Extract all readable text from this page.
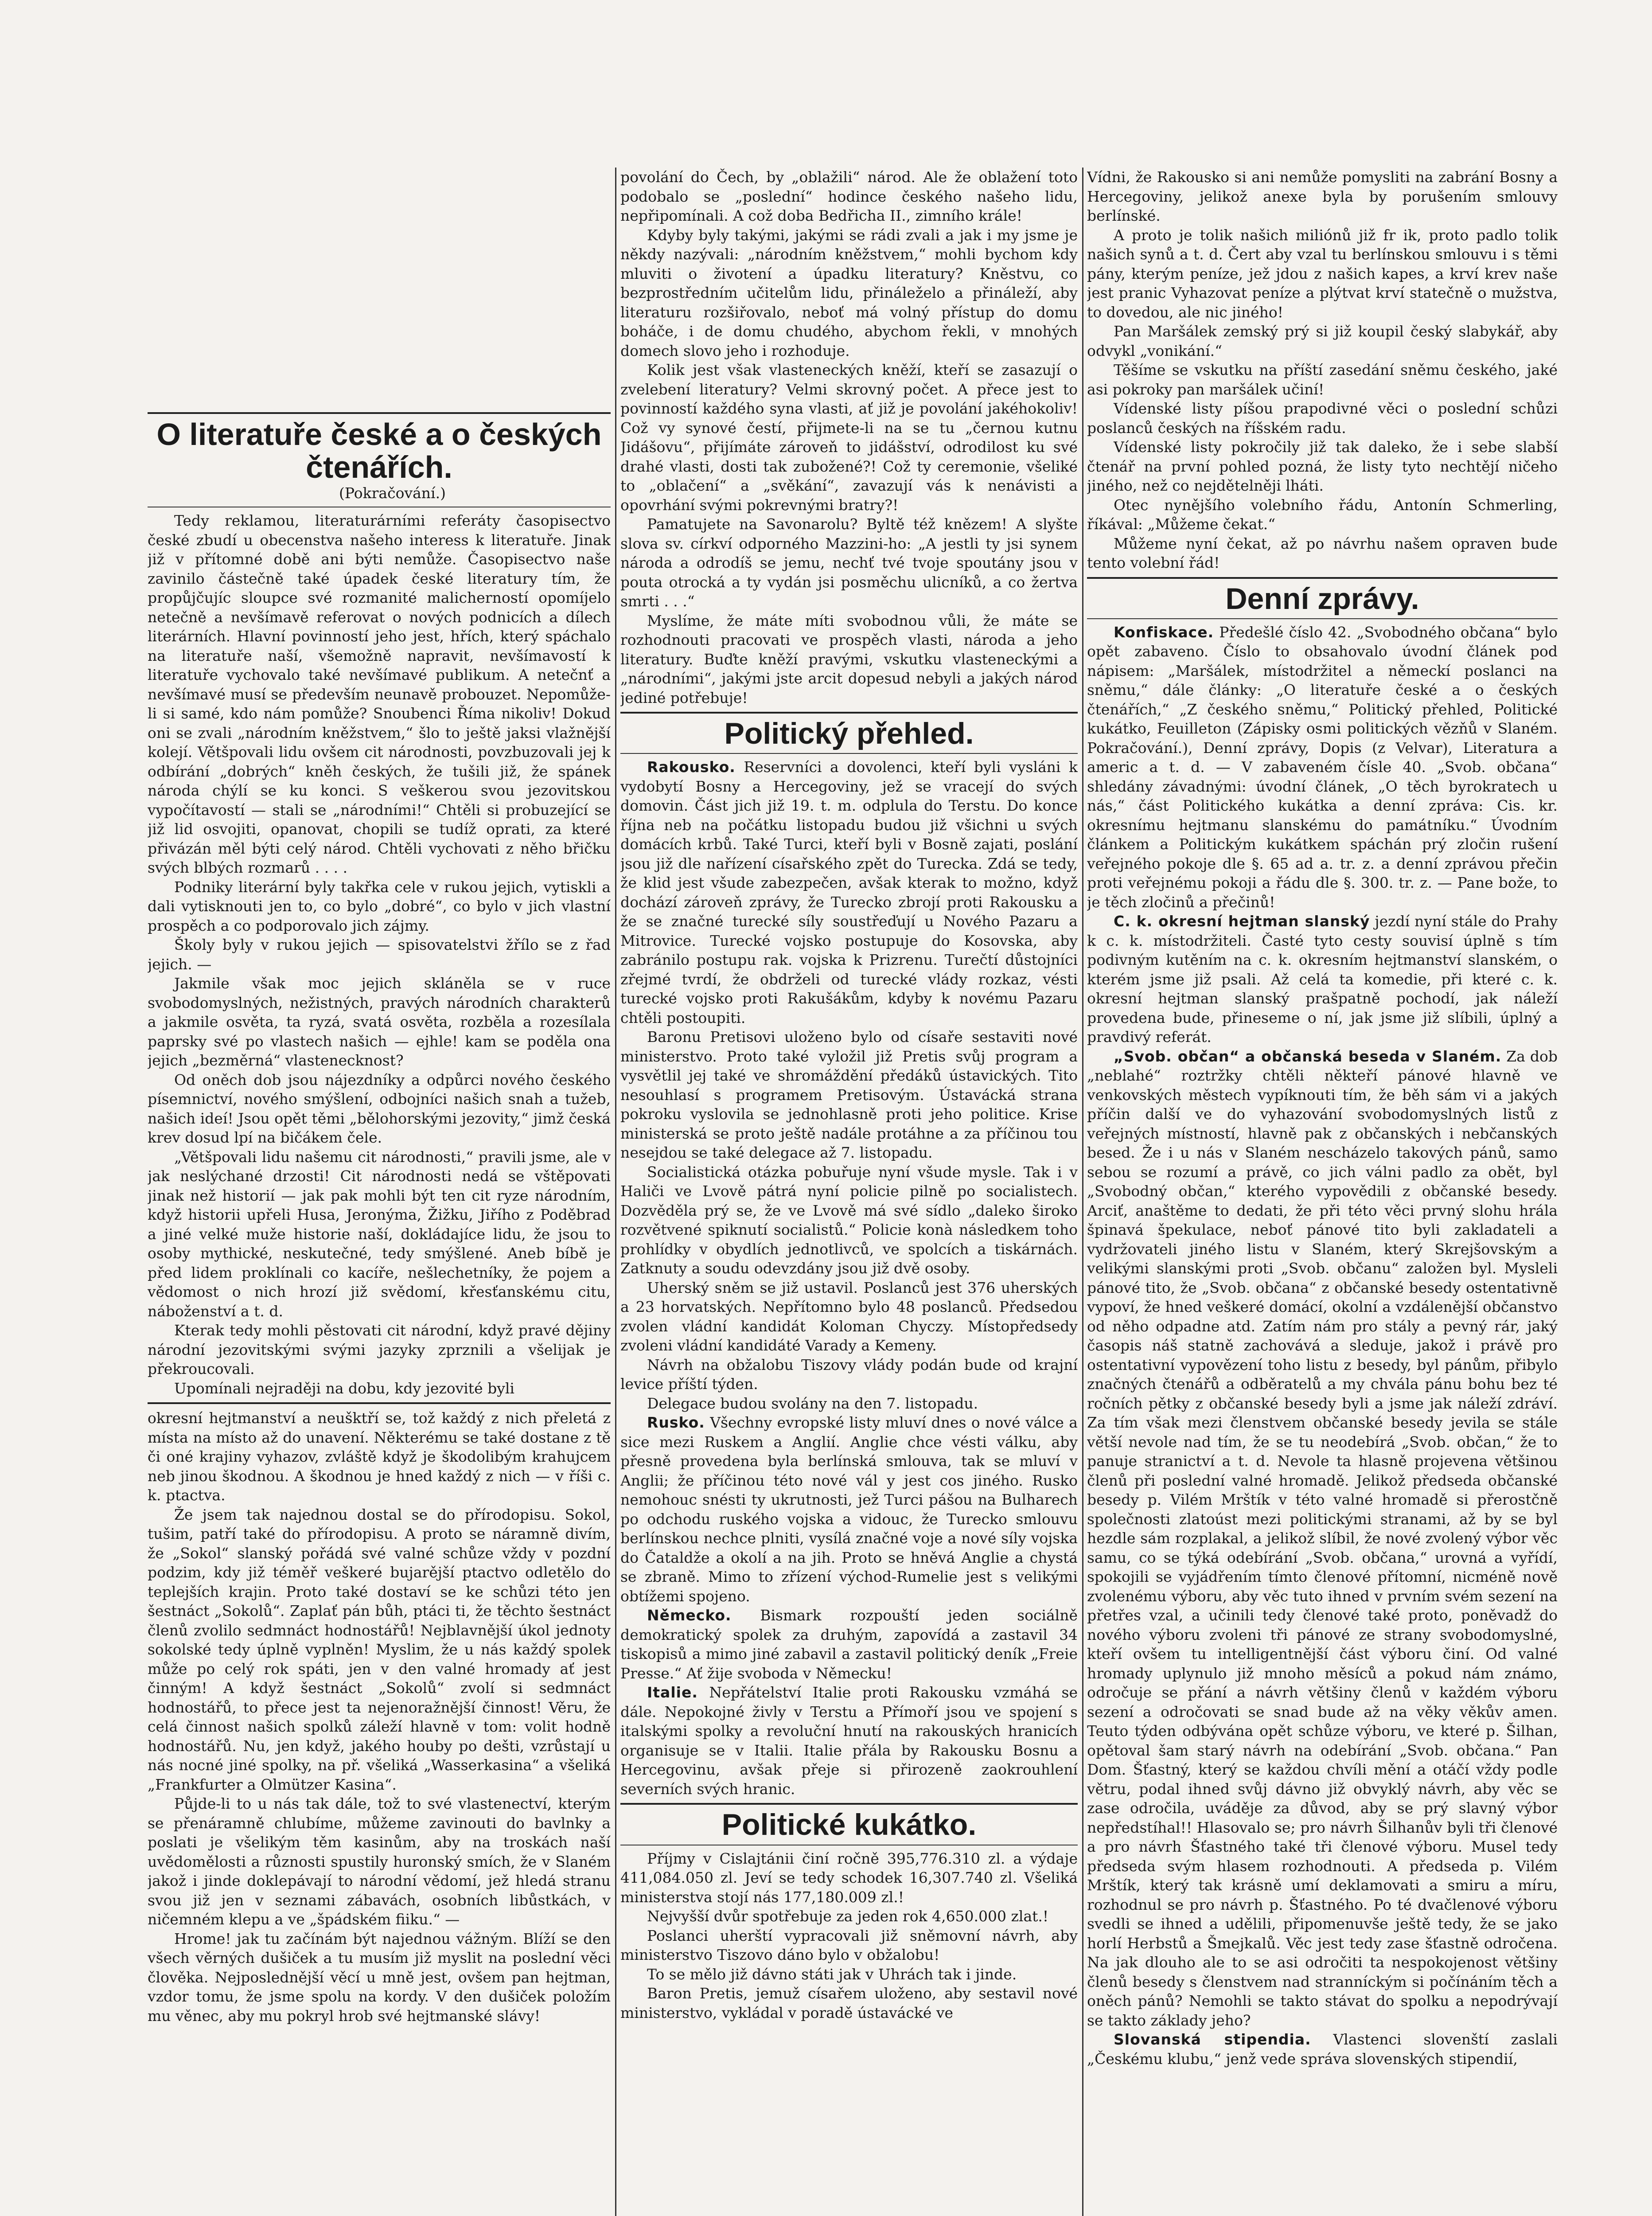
O literatuře české a o českých čtenářích.

(Pokračování.)

Tedy reklamou, literaturárními referáty časopisectvo české zbudí u obecenstva našeho interess k literatuře. Jinak již v přítomné době ani býti nemůže. Časopisectvo naše zavinilo částečně také úpadek české literatury tím, že propůjčujíc sloupce své rozmanité malicherností opomíjelo netečně a nevšímavě referovat o nových podnicích a dílech literárních. Hlavní povinností jeho jest, hřích, který spáchalo na literatuře naší, všemožně napravit, nevšímavostí k literatuře vychovalo také nevšímavé publikum. A netečnť a nevšímavé musí se především neunavě probouzet. Nepomůže-li si samé, kdo nám pomůže? Snoubenci Říma nikoliv! Dokud oni se zvali „národním kněžstvem,“ šlo to ještě jaksi vlažnější kolejí. Většpovali lidu ovšem cit národnosti, povzbuzovali jej k odbírání „dobrých“ kněh českých, že tušili již, že spánek národa chýlí se ku konci. S veškerou svou jezovitskou vypočítavostí — stali se „národními!“ Chtěli si probuzející se již lid osvojiti, opanovat, chopili se tudíž oprati, za které přivázán měl býti celý národ. Chtěli vychovati z něho břičku svých blbých rozmarů . . . .

Podniky literární byly takřka cele v rukou jejich, vytiskli a dali vytisknouti jen to, co bylo „dobré“, co bylo v jich vlastní prospěch a co podporovalo jich zájmy.

Školy byly v rukou jejich — spisovatelstvi žřílo se z řad jejich. —

Jakmile však moc jejich skláněla se v ruce svobodomyslných, nežistných, pravých národních charakterů a jakmile osvěta, ta ryzá, svatá osvěta, rozběla a rozesílala paprsky své po vlastech našich — ejhle! kam se poděla ona jejich „bezměrná“ vlastenecknost?

Od oněch dob jsou nájezdníky a odpůrci nového českého písemnictví, nového smýšlení, odbojníci našich snah a tužeb, našich ideí! Jsou opět těmi „bělohorskými jezovity,“ jimž česká krev dosud lpí na bičákem čele.

„Většpovali lidu našemu cit národnosti,“ pravili jsme, ale v jak neslýchané drzosti! Cit národnosti nedá se vštěpovati jinak než historií — jak pak mohli být ten cit ryze národním, když historii upřeli Husa, Jeronýma, Žižku, Jiřího z Poděbrad a jiné velké muže historie naší, dokládajíce lidu, že jsou to osoby mythické, neskutečné, tedy smýšlené. Aneb bíbě je před lidem proklínali co kacíře, nešlechetníky, že pojem a vědomost o nich hrozí již svědomí, křesťanskému citu, náboženství a t. d.

Kterak tedy mohli pěstovati cit národní, když pravé dějiny národní jezovitskými svými jazyky zprznili a všelijak je překroucovali.

Upomínali nejraději na dobu, kdy jezovité byli

okresní hejtmanství a neušktří se, tož každý z nich přeletá z místa na místo až do unavení. Některému se také dostane z tě či oné krajiny vyhazov, zvláště když je škodolibým krahujcem neb jinou škodnou. A škodnou je hned každý z nich — v říši c. k. ptactva.

Že jsem tak najednou dostal se do přírodopisu. Sokol, tušim, patří také do přírodopisu. A proto se náramně divím, že „Sokol“ slanský pořádá své valné schůze vždy v pozdní podzim, kdy již téměř veškeré bujarější ptactvo odletělo do teplejších krajin. Proto také dostaví se ke schůzi této jen šestnáct „Sokolů“. Zaplať pán bůh, ptáci ti, že těchto šestnáct členů zvolilo sedmnáct hodnostářů! Nejblavnější úkol jednoty sokolské tedy úplně vyplněn! Myslim, že u nás každý spolek může po celý rok spáti, jen v den valné hromady ať jest činným! A když šestnáct „Sokolů“ zvolí si sedmnáct hodnostářů, to přece jest ta nejenoražnější činnost! Věru, že celá činnost našich spolků záleží hlavně v tom: volit hodně hodnostářů. Nu, jen když, jakého houby po dešti, vzrůstají u nás nocné jiné spolky, na př. všeliká „Wasserkasina“ a všeliká „Frankfurter a Olmützer Kasina“.

Půjde-li to u nás tak dále, tož to své vlastenectví, kterým se přenáramně chlubíme, můžeme zavinouti do bavlnky a poslati je všelikým těm kasinům, aby na troskách naší uvědomělosti a různosti spustily huronský smích, že v Slaném jakož i jinde doklepávají to národní vědomí, jež hledá stranu svou již jen v seznami zábavách, osobních libůstkách, v ničemném klepu a ve „špádském fiiku.“ —

Hrome! jak tu začínám být najednou vážným. Blíží se den všech věrných dušiček a tu musím již myslit na poslední věci člověka. Nejposlednější věcí u mně jest, ovšem pan hejtman, vzdor tomu, že jsme spolu na kordy. V den dušiček položím mu věnec, aby mu pokryl hrob své hejtmanské slávy!

povolání do Čech, by „oblažili“ národ. Ale že oblažení toto podobalo se „poslední“ hodince českého našeho lidu, nepřipomínali. A což doba Bedřicha II., zimního krále!

Kdyby byly takými, jakými se rádi zvali a jak i my jsme je někdy nazývali: „národním kněžstvem,“ mohli bychom kdy mluviti o životení a úpadku literatury? Kněstvu, co bezprostředním učitelům lidu, přináleželo a přináleží, aby literaturu rozšiřovalo, neboť má volný přístup do domu boháče, i de domu chudého, abychom řekli, v mnohých domech slovo jeho i rozhoduje.

Kolik jest však vlasteneckých kněží, kteří se zasazují o zvelebení literatury? Velmi skrovný počet. A přece jest to povinností každého syna vlasti, ať již je povolání jakéhokoliv! Což vy synové čestí, přijmete-li na se tu „černou kutnu Jidášovu“, přijímáte zároveň to jidášství, odrodilost ku své drahé vlasti, dosti tak zubožené?! Což ty ceremonie, všeliké to „oblačení“ a „svěkání“, zavazují vás k nenávisti a opovrhání svými pokrevnými bratry?!

Pamatujete na Savonarolu? Byltě též knězem! A slyšte slova sv. církví odporného Mazzini-ho: „A jestli ty jsi synem národa a odrodíš se jemu, nechť tvé tvoje spoutány jsou v pouta otrocká a ty vydán jsi posměchu ulicníků, a co žertva smrti . . .“

Myslíme, že máte míti svobodnou vůli, že máte se rozhodnouti pracovati ve prospěch vlasti, národa a jeho literatury. Buďte kněží pravými, vskutku vlasteneckými a „národními“, jakými jste arcit dopesud nebyli a jakých národ jediné potřebuje!

Politický přehled.

Rakousko. Reservníci a dovolenci, kteří byli vysláni k vydobytí Bosny a Hercegoviny, jež se vracejí do svých domovin. Část jich již 19. t. m. odplula do Terstu. Do konce října neb na počátku listopadu budou již všichni u svých domácích krbů. Také Turci, kteří byli v Bosně zajati, poslání jsou již dle nařízení císařského zpět do Turecka. Zdá se tedy, že klid jest všude zabezpečen, avšak kterak to možno, když dochází zároveň zprávy, že Turecko zbrojí proti Rakousku a že se značné turecké síly soustřeďují u Nového Pazaru a Mitrovice. Turecké vojsko postupuje do Kosovska, aby zabránilo postupu rak. vojska k Prizrenu. Turečtí důstojníci zřejmé tvrdí, že obdrželi od turecké vlády rozkaz, vésti turecké vojsko proti Rakušákům, kdyby k novému Pazaru chtěli postoupiti.

Baronu Pretisovi uloženo bylo od císaře sestaviti nové ministerstvo. Proto také vyložil již Pretis svůj program a vysvětlil jej také ve shromáždění předáků ústavických. Tito nesouhlasí s programem Pretisovým. Ústavácká strana pokroku vyslovila se jednohlasně proti jeho politice. Krise ministerská se proto ještě nadále protáhne a za příčinou tou nesejdou se také delegace až 7. listopadu.

Socialistická otázka pobuřuje nyní všude mysle. Tak i v Haliči ve Lvově pátrá nyní policie pilně po socialistech. Dozvěděla prý se, že ve Lvově má své sídlo „daleko široko rozvětvené spiknutí socialistů.“ Policie konà následkem toho prohlídky v obydlích jednotlivců, ve spolcích a tiskárnách. Zatknuty a soudu odevzdány jsou již dvě osoby.

Uherský sněm se již ustavil. Poslanců jest 376 uherských a 23 horvatských. Nepřítomno bylo 48 poslanců. Předsedou zvolen vládní kandidát Koloman Chyczy. Místopředsedy zvoleni vládní kandidáté Varady a Kemeny.

Návrh na obžalobu Tiszovy vlády podán bude od krajní levice příští týden.

Delegace budou svolány na den 7. listopadu.

Rusko. Všechny evropské listy mluví dnes o nové válce a sice mezi Ruskem a Anglií. Anglie chce vésti válku, aby přesně provedena byla berlínská smlouva, tak se mluví v Anglii; že příčinou této nové vál y jest cos jiného. Rusko nemohouc snésti ty ukrutnosti, jež Turci pášou na Bulharech po odchodu ruského vojska a vidouc, že Turecko smlouvu berlínskou nechce plniti, vysílá značné voje a nové síly vojska do Čataldže a okolí a na jih. Proto se hněvá Anglie a chystá se zbraně. Mimo to zřízení východ-Rumelie jest s velikými obtížemi spojeno.

Německo. Bismark rozpouští jeden sociálně demokratický spolek za druhým, zapovídá a zastavil 34 tiskopisů a mimo jiné zabavil a zastavil politický deník „Freie Presse.“ Ať žije svoboda v Německu!

Italie. Nepřátelství Italie proti Rakousku vzmáhá se dále. Nepokojné živly v Terstu a Přímoří jsou ve spojení s italskými spolky a revoluční hnutí na rakouských hranicích organisuje se v Italii. Italie přála by Rakousku Bosnu a Hercegovinu, avšak přeje si přirozeně zaokrouhlení severních svých hranic.

Politické kukátko.

Příjmy v Cislajtánii činí ročně 395,776.310 zl. a výdaje 411,084.050 zl. Jeví se tedy schodek 16,307.740 zl. Všeliká ministerstva stojí nás 177,180.009 zl.!

Nejvyšší dvůr spotřebuje za jeden rok 4,650.000 zlat.!

Poslanci uherští vypracovali již sněmovní návrh, aby ministerstvo Tiszovo dáno bylo v obžalobu!

To se mělo již dávno státi jak v Uhrách tak i jinde.

Baron Pretis, jemuž císařem uloženo, aby sestavil nové ministerstvo, vykládal v poradě ústavácké ve

Vídni, že Rakousko si ani nemůže pomysliti na zabrání Bosny a Hercegoviny, jelikož anexe byla by porušením smlouvy berlínské.

A proto je tolik našich miliónů již fr ik, proto padlo tolik našich synů a t. d. Čert aby vzal tu berlínskou smlouvu i s těmi pány, kterým peníze, jež jdou z našich kapes, a krví krev naše jest pranic Vyhazovat peníze a plýtvat krví statečně o mužstva, to dovedou, ale nic jiného!

Pan Maršálek zemský prý si již koupil český slabykář, aby odvykl „vonikání.“

Těšíme se vskutku na příští zasedání sněmu českého, jaké asi pokroky pan maršálek učiní!

Vídenské listy píšou prapodivné věci o poslední schůzi poslanců českých na říšském radu.

Vídenské listy pokročily již tak daleko, že i sebe slabší čtenář na první pohled pozná, že listy tyto nechtějí ničeho jiného, než co nejdětelněji lháti.

Otec nynějšího volebního řádu, Antonín Schmerling, říkával: „Můžeme čekat.“

Můžeme nyní čekat, až po návrhu našem opraven bude tento volební řád!

Denní zprávy.

Konfiskace. Předešlé číslo 42. „Svobodného občana“ bylo opět zabaveno. Číslo to obsahovalo úvodní článek pod nápisem: „Maršálek, místodržitel a německí poslanci na sněmu,“ dále články: „O literatuře české a o českých čtenářích,“ „Z českého sněmu,“ Politický přehled, Politické kukátko, Feuilleton (Zápisky osmi politických vězňů v Slaném. Pokračování.), Denní zprávy, Dopis (z Velvar), Literatura a americ a t. d. — V zabaveném čísle 40. „Svob. občana“ shledány závadnými: úvodní článek, „O těch byrokratech u nás,“ část Politického kukátka a denní zpráva: Cis. kr. okresnímu hejtmanu slanskému do památníku.“ Úvodním článkem a Politickým kukátkem spáchán prý zločin rušení veřejného pokoje dle §. 65 ad a. tr. z. a denní zprávou přečin proti veřejnému pokoji a řádu dle §. 300. tr. z. — Pane bože, to je těch zločinů a přečinů!

C. k. okresní hejtman slanský jezdí nyní stále do Prahy k c. k. místodržiteli. Časté tyto cesty souvisí úplně s tím podivným kutěním na c. k. okresním hejtmanství slanském, o kterém jsme již psali. Až celá ta komedie, při které c. k. okresní hejtman slanský prašpatně pochodí, jak náleží provedena bude, přineseme o ní, jak jsme již slíbili, úplný a pravdivý referát.

„Svob. občan“ a občanská beseda v Slaném. Za dob „neblahé“ roztržky chtěli někteří pánové hlavně ve venkovských městech vypíknouti tím, že běh sám vi a jakých příčin další ve do vyhazování svobodomyslných listů z veřejných místností, hlavně pak z občanských i nebčanských besed. Že i u nás v Slaném nescházelo takových pánů, samo sebou se rozumí a právě, co jich válni padlo za obět, byl „Svobodný občan,“ kterého vypovědili z občanské besedy. Arciť, anaštěme to dedati, že při této věci prvný slohu hrála špinavá špekulace, neboť pánové tito byli zakladateli a vydržovateli jiného listu v Slaném, který Skrejšovským a velikými slanskými proti „Svob. občanu“ založen byl. Mysleli pánové tito, že „Svob. občana“ z občanské besedy ostentativně vypoví, že hned veškeré domácí, okolní a vzdálenější občanstvo od něho odpadne atd. Zatím nám pro stály a pevný rár, jaký časopis náš statně zachovává a sleduje, jakož i právě pro ostentativní vypovězení toho listu z besedy, byl pánům, přibylo značných čtenářů a odběratelů a my chvála pánu bohu bez té ročních pětky z občanské besedy byli a jsme jak náleží zdráví. Za tím však mezi členstvem občanské besedy jevila se stále větší nevole nad tím, že se tu neodebírá „Svob. občan,“ že to panuje stranictví a t. d. Nevole ta hlasně projevena většinou členů při poslední valné hromadě. Jelikož předseda občanské besedy p. Vilém Mrštík v této valné hromadě si přerostčně společnosti zlatoúst mezi politickými stranami, až by se byl hezdle sám rozplakal, a jelikož slíbil, že nové zvolený výbor věc samu, co se týká odebírání „Svob. občana,“ urovná a vyřídí, spokojili se vyjádřením tímto členové přítomní, nicméně nově zvolenému výboru, aby věc tuto ihned v prvním svém sezení na přetřes vzal, a učinili tedy členové také proto, poněvadž do nového výboru zvoleni tři pánové ze strany svobodomyslné, kteří ovšem tu intelligentnější část výboru činí. Od valné hromady uplynulo již mnoho měsíců a pokud nám známo, odročuje se přání a návrh většiny členů v každém výboru sezení a odročovati se snad bude až na věky věkův amen. Teuto týden odbývána opět schůze výboru, ve které p. Šilhan, opětoval šam starý návrh na odebírání „Svob. občana.“ Pan Dom. Šťastný, který se každou chvíli mění a otáčí vždy podle větru, podal ihned svůj dávno již obvyklý návrh, aby věc se zase odročila, uváděje za důvod, aby se prý slavný výbor nepředstíhal!! Hlasovalo se; pro návrh Šilhanův byli tři členové a pro návrh Šťastného také tři členové výboru. Musel tedy předseda svým hlasem rozhodnouti. A předseda p. Vilém Mrštík, který tak krásně umí deklamovati a smiru a míru, rozhodnul se pro návrh p. Šťastného. Po té dvačlenové výboru svedli se ihned a udělili, připomenuvše ještě tedy, že se jako horlí Herbstů a Šmejkalů. Věc jest tedy zase šťastně odročena. Na jak dlouho ale to se asi odročiti ta nespokojenost většiny členů besedy s členstvem nad stranníckým si počínáním těch a oněch pánů? Nemohli se takto stávat do spolku a nepodrývají se takto základy jeho?

Slovanská stipendia. Vlastenci slovenští zaslali „Českému klubu,“ jenž vede správa slovenských stipendií,
